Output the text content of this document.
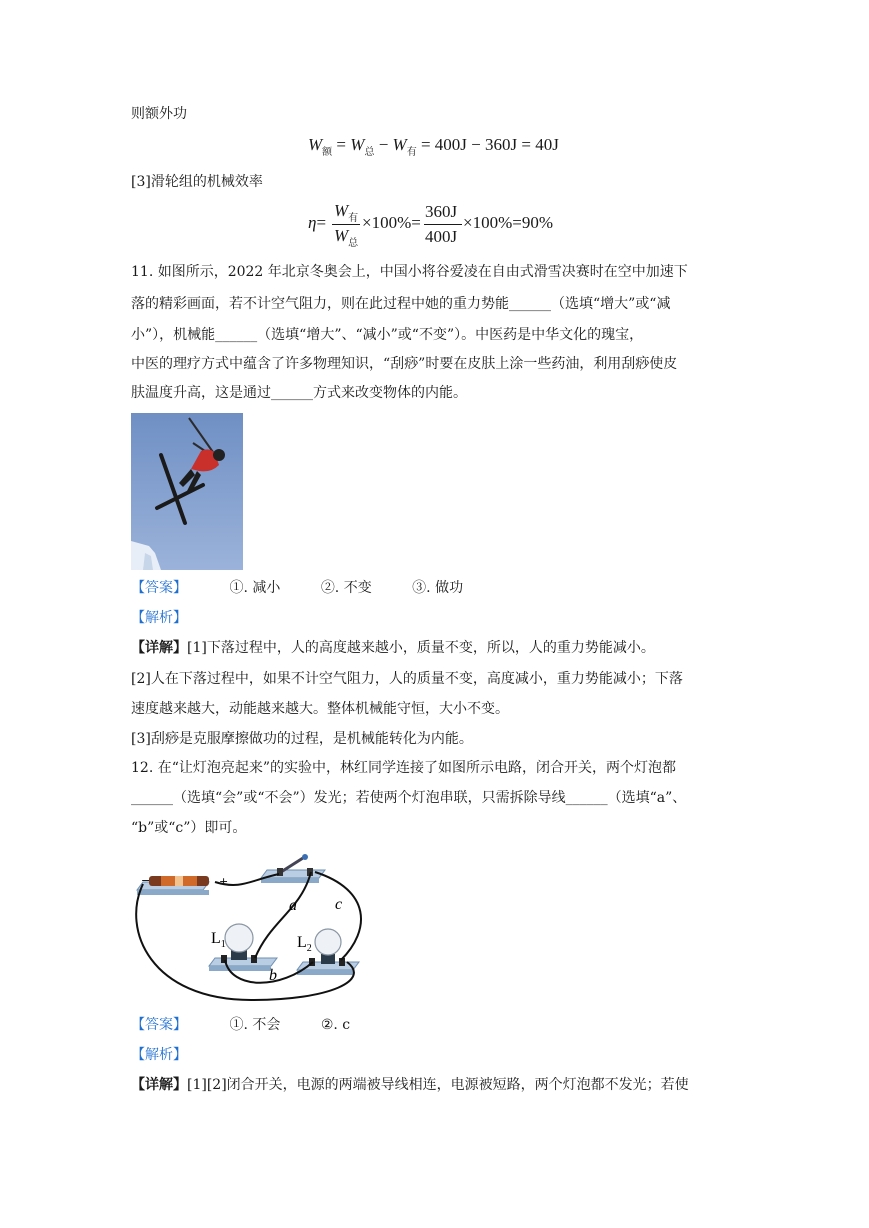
则额外功
$W_额 = W_总 - W_有 = 400J - 360J = 40J$
[3]滑轮组的机械效率
η=
$W_有$
$W_总$
×100%=
360J
400J
×100%=90%
11. 如图所示，2022 年北京冬奥会上，中国小将谷爱凌在自由式滑雪决赛时在空中加速下
落的精彩画面，若不计空气阻力，则在此过程中她的重力势能______（选填“增大”或“减
小”），机械能______（选填“增大”、“减小”或“不变”）。中医药是中华文化的瑰宝，
中医的理疗方式中蕴含了许多物理知识，“刮痧”时要在皮肤上涂一些药油，利用刮痧使皮
肤温度升高，这是通过______方式来改变物体的内能。
【答案】	①. 减小	②. 不变	③. 做功
【解析】
【详解】[1]下落过程中，人的高度越来越小，质量不变，所以，人的重力势能减小。
[2]人在下落过程中，如果不计空气阻力，人的质量不变，高度减小，重力势能减小；下落
速度越来越大，动能越来越大。整体机械能守恒，大小不变。
[3]刮痧是克服摩擦做功的过程，是机械能转化为内能。
12. 在“让灯泡亮起来”的实验中，林红同学连接了如图所示电路，闭合开关，两个灯泡都
______（选填“会”或“不会”）发光；若使两个灯泡串联，只需拆除导线______（选填“a”、
“b”或“c”）即可。
−	+
a c
b
$L_1$	$L_2$
【答案】	①. 不会	②. c
【解析】
【详解】[1][2]闭合开关，电源的两端被导线相连，电源被短路，两个灯泡都不发光；若使
